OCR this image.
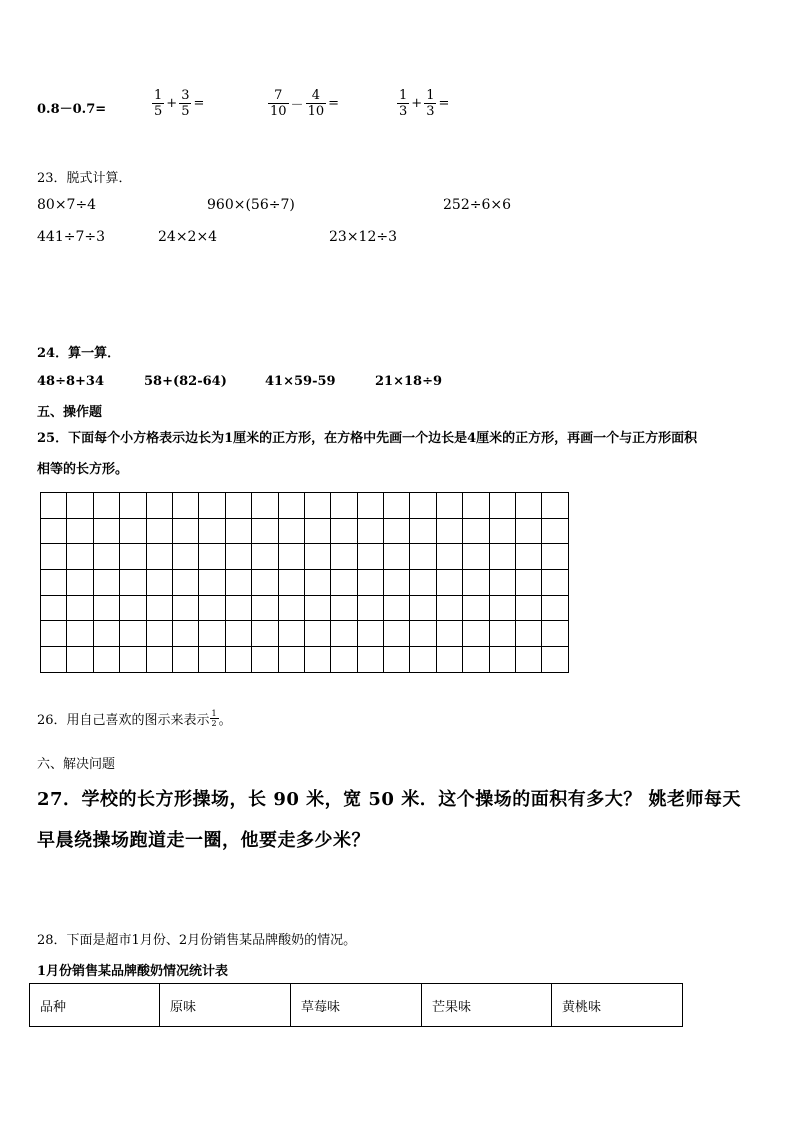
0.8－0.7=	$\frac{1}{5} + \frac{3}{5}$ =	$\frac{7}{10} - \frac{4}{10}$ =	$\frac{1}{3} + \frac{1}{3}$ =
23．脱式计算．
80×7÷4	960×(56÷7)	252÷6×6
441÷7÷3	24×2×4	23×12÷3
24．算一算．
48÷8+34	58+(82-64)	41×59-59	21×18÷9
五、操作题
25．下面每个小方格表示边长为1厘米的正方形，在方格中先画一个边长是4厘米的正方形，再画一个与正方形面积
相等的长方形。

26．用自己喜欢的图示来表示 $\frac{1}{2}$ 。
六、解决问题
27．学校的长方形操场，长 90 米，宽 50 米．这个操场的面积有多大？ 姚老师每天
早晨绕操场跑道走一圈，他要走多少米？
28．下面是超市1月份、2月份销售某品牌酸奶的情况。
1月份销售某品牌酸奶情况统计表
品种	原味	草莓味	芒果味	黄桃味
